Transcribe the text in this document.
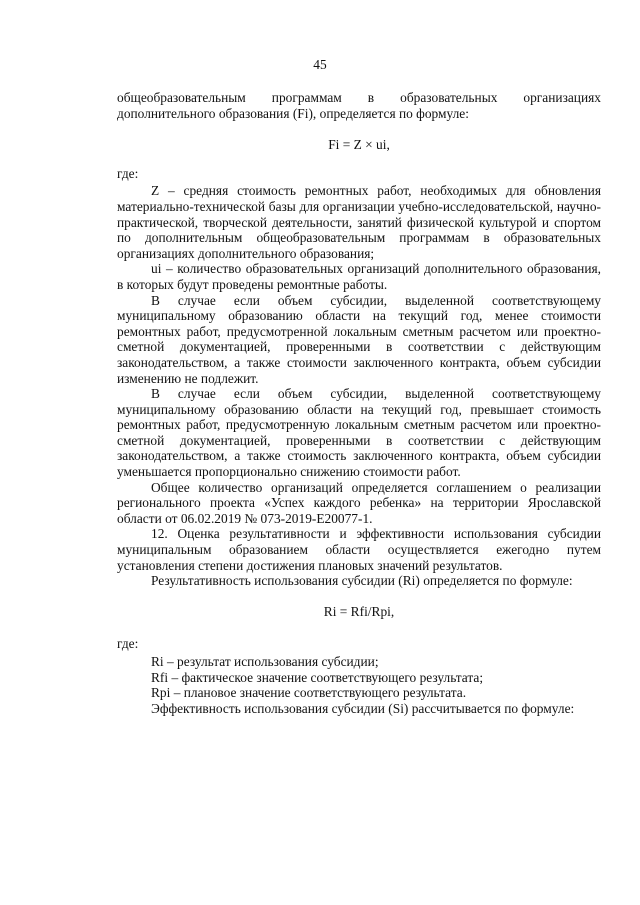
45

общеобразовательным программам в образовательных организациях дополнительного образования (Fi), определяется по формуле:

Fi = Z × ui,

где:

Z – средняя стоимость ремонтных работ, необходимых для обновления материально-технической базы для организации учебно-исследовательской, научно-практической, творческой деятельности, занятий физической культурой и спортом по дополнительным общеобразовательным программам в образовательных организациях дополнительного образования;

ui – количество образовательных организаций дополнительного образования, в которых будут проведены ремонтные работы.

В случае если объем субсидии, выделенной соответствующему муниципальному образованию области на текущий год, менее стоимости ремонтных работ, предусмотренной локальным сметным расчетом или проектно-сметной документацией, проверенными в соответствии с действующим законодательством, а также стоимости заключенного контракта, объем субсидии изменению не подлежит.

В случае если объем субсидии, выделенной соответствующему муниципальному образованию области на текущий год, превышает стоимость ремонтных работ, предусмотренную локальным сметным расчетом или проектно-сметной документацией, проверенными в соответствии с действующим законодательством, а также стоимость заключенного контракта, объем субсидии уменьшается пропорционально снижению стоимости работ.

Общее количество организаций определяется соглашением о реализации регионального проекта «Успех каждого ребенка» на территории Ярославской области от 06.02.2019 № 073-2019-Е20077-1.

12. Оценка результативности и эффективности использования субсидии муниципальным образованием области осуществляется ежегодно путем установления степени достижения плановых значений результатов.

Результативность использования субсидии (Ri) определяется по формуле:

Ri = Rfi/Rpi,

где:

Ri – результат использования субсидии;

Rfi – фактическое значение соответствующего результата;

Rpi – плановое значение соответствующего результата.

Эффективность использования субсидии (Si) рассчитывается по формуле:
